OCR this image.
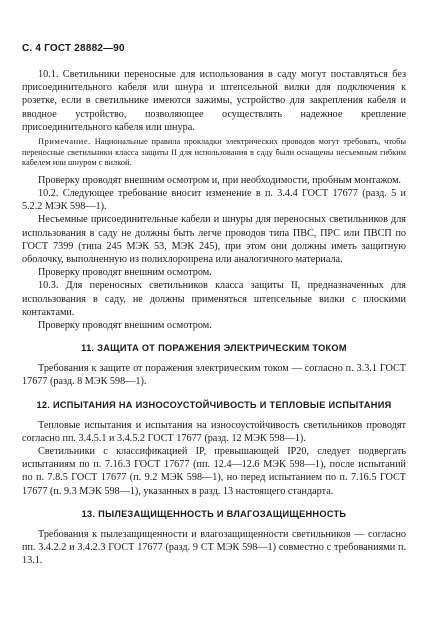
С. 4 ГОСТ 28882—90

10.1. Светильники переносные для использования в саду могут поставляться без присоединительного кабеля или шнура и штепсельной вилки для подключения к розетке, если в светильнике имеются зажимы, устройство для закрепления кабеля и вводное устройство, позволяющее осуществлять надежное крепление присоединительного кабеля или шнура.

Примечание. Национальные правила прокладки электрических проводов могут требовать, чтобы переносные светильники класса защиты II для использования в саду были оснащены несъемным гибким кабелем или шнуром с вилкой.

Проверку проводят внешним осмотром и, при необходимости, пробным монтажом.

10.2. Следующее требование вносит изменение в п. 3.4.4 ГОСТ 17677 (разд. 5 и 5.2.2 МЭК 598—1).

Несъемные присоединительные кабели и шнуры для переносных светильников для использования в саду не должны быть легче проводов типа ПВС, ПРС или ПВСП по ГОСТ 7399 (типа 245 МЭК 53, МЭК 245), при этом они должны иметь защитную оболочку, выполненную из полихлоропрена или аналогичного материала.

Проверку проводят внешним осмотром.

10.3. Для переносных светильников класса защиты II, предназначенных для использования в саду, не должны применяться штепсельные вилки с плоскими контактами.

Проверку проводят внешним осмотром.

11. ЗАЩИТА ОТ ПОРАЖЕНИЯ ЭЛЕКТРИЧЕСКИМ ТОКОМ

Требования к защите от поражения электрическим током — согласно п. 3.3.1 ГОСТ 17677 (разд. 8 МЭК 598—1).

12. ИСПЫТАНИЯ НА ИЗНОСОУСТОЙЧИВОСТЬ И ТЕПЛОВЫЕ ИСПЫТАНИЯ

Тепловые испытания и испытания на износоустойчивость светильников проводят согласно пп. 3.4.5.1 и 3.4.5.2 ГОСТ 17677 (разд. 12 МЭК 598—1).

Светильники с классификацией IP, превышающей IP20, следует подвергать испытаниям по п. 7.16.3 ГОСТ 17677 (пп. 12.4—12.6 МЭК 598—1), после испытаний по п. 7.8.5 ГОСТ 17677 (п. 9.2 МЭК 598—1), но перед испытанием по п. 7.16.5 ГОСТ 17677 (п. 9.3 МЭК 598—1), указанных в разд. 13 настоящего стандарта.

13. ПЫЛЕЗАЩИЩЕННОСТЬ И ВЛАГОЗАЩИЩЕННОСТЬ

Требования к пылезащищенности и влагозащищенности светильников — согласно пп. 3.4.2.2 и 3.4.2.3 ГОСТ 17677 (разд. 9 СТ МЭК 598—1) совместно с требованиями п. 13.1.
